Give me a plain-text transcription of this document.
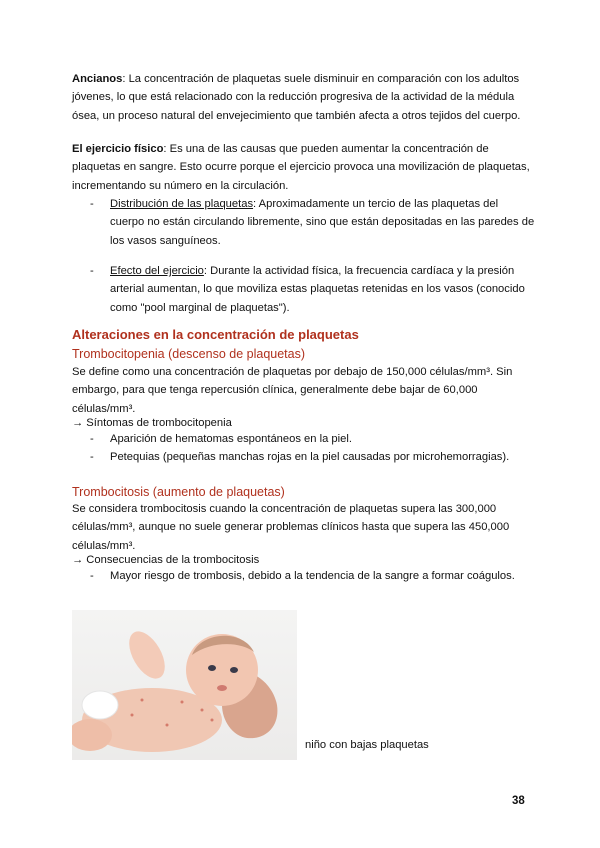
Ancianos: La concentración de plaquetas suele disminuir en comparación con los adultos jóvenes, lo que está relacionado con la reducción progresiva de la actividad de la médula ósea, un proceso natural del envejecimiento que también afecta a otros tejidos del cuerpo.

El ejercicio físico: Es una de las causas que pueden aumentar la concentración de plaquetas en sangre. Esto ocurre porque el ejercicio provoca una movilización de plaquetas, incrementando su número en la circulación.

- Distribución de las plaquetas: Aproximadamente un tercio de las plaquetas del cuerpo no están circulando libremente, sino que están depositadas en las paredes de los vasos sanguíneos.
- Efecto del ejercicio: Durante la actividad física, la frecuencia cardíaca y la presión arterial aumentan, lo que moviliza estas plaquetas retenidas en los vasos (conocido como "pool marginal de plaquetas").
Alteraciones en la concentración de plaquetas
Trombocitopenia (descenso de plaquetas)

Se define como una concentración de plaquetas por debajo de 150,000 células/mm³. Sin embargo, para que tenga repercusión clínica, generalmente debe bajar de 60,000 células/mm³.

→ Síntomas de trombocitopenia
- Aparición de hematomas espontáneos en la piel.
- Petequias (pequeñas manchas rojas en la piel causadas por microhemorragias).
Trombocitosis (aumento de plaquetas)

Se considera trombocitosis cuando la concentración de plaquetas supera las 300,000 células/mm³, aunque no suele generar problemas clínicos hasta que supera las 450,000 células/mm³.

→ Consecuencias de la trombocitosis
- Mayor riesgo de trombosis, debido a la tendencia de la sangre a formar coágulos.
niño con bajas plaquetas
38
